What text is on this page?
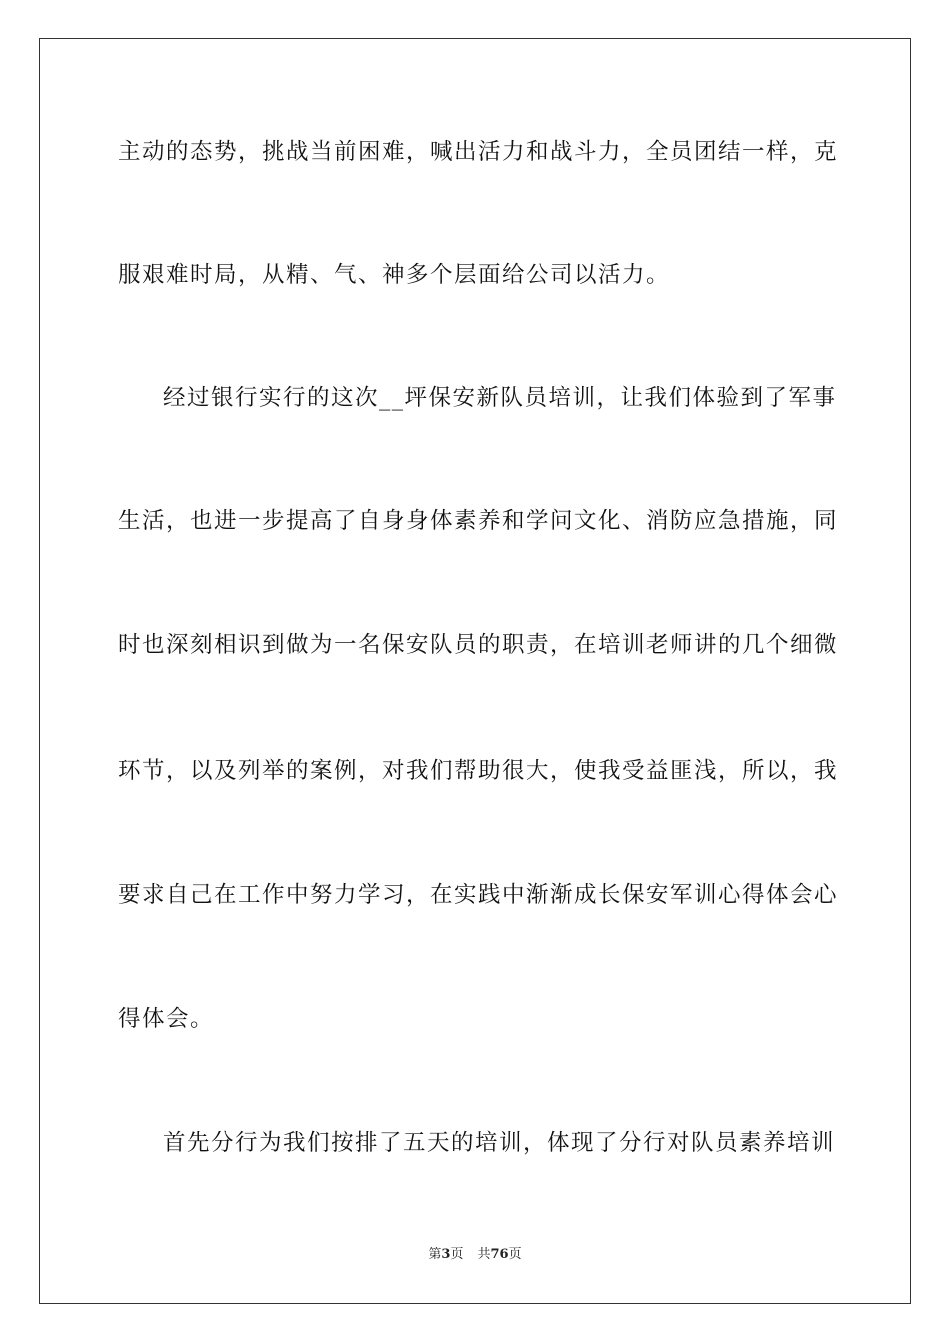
主动的态势，挑战当前困难，喊出活力和战斗力，全员团结一样，克
服艰难时局，从精、气、神多个层面给公司以活力。
经过银行实行的这次__坪保安新队员培训，让我们体验到了军事
生活，也进一步提高了自身身体素养和学问文化、消防应急措施，同
时也深刻相识到做为一名保安队员的职责，在培训老师讲的几个细微
环节，以及列举的案例，对我们帮助很大，使我受益匪浅，所以，我
要求自己在工作中努力学习，在实践中渐渐成长保安军训心得体会心
得体会。
首先分行为我们按排了五天的培训，体现了分行对队员素养培训
第3页 共76页
